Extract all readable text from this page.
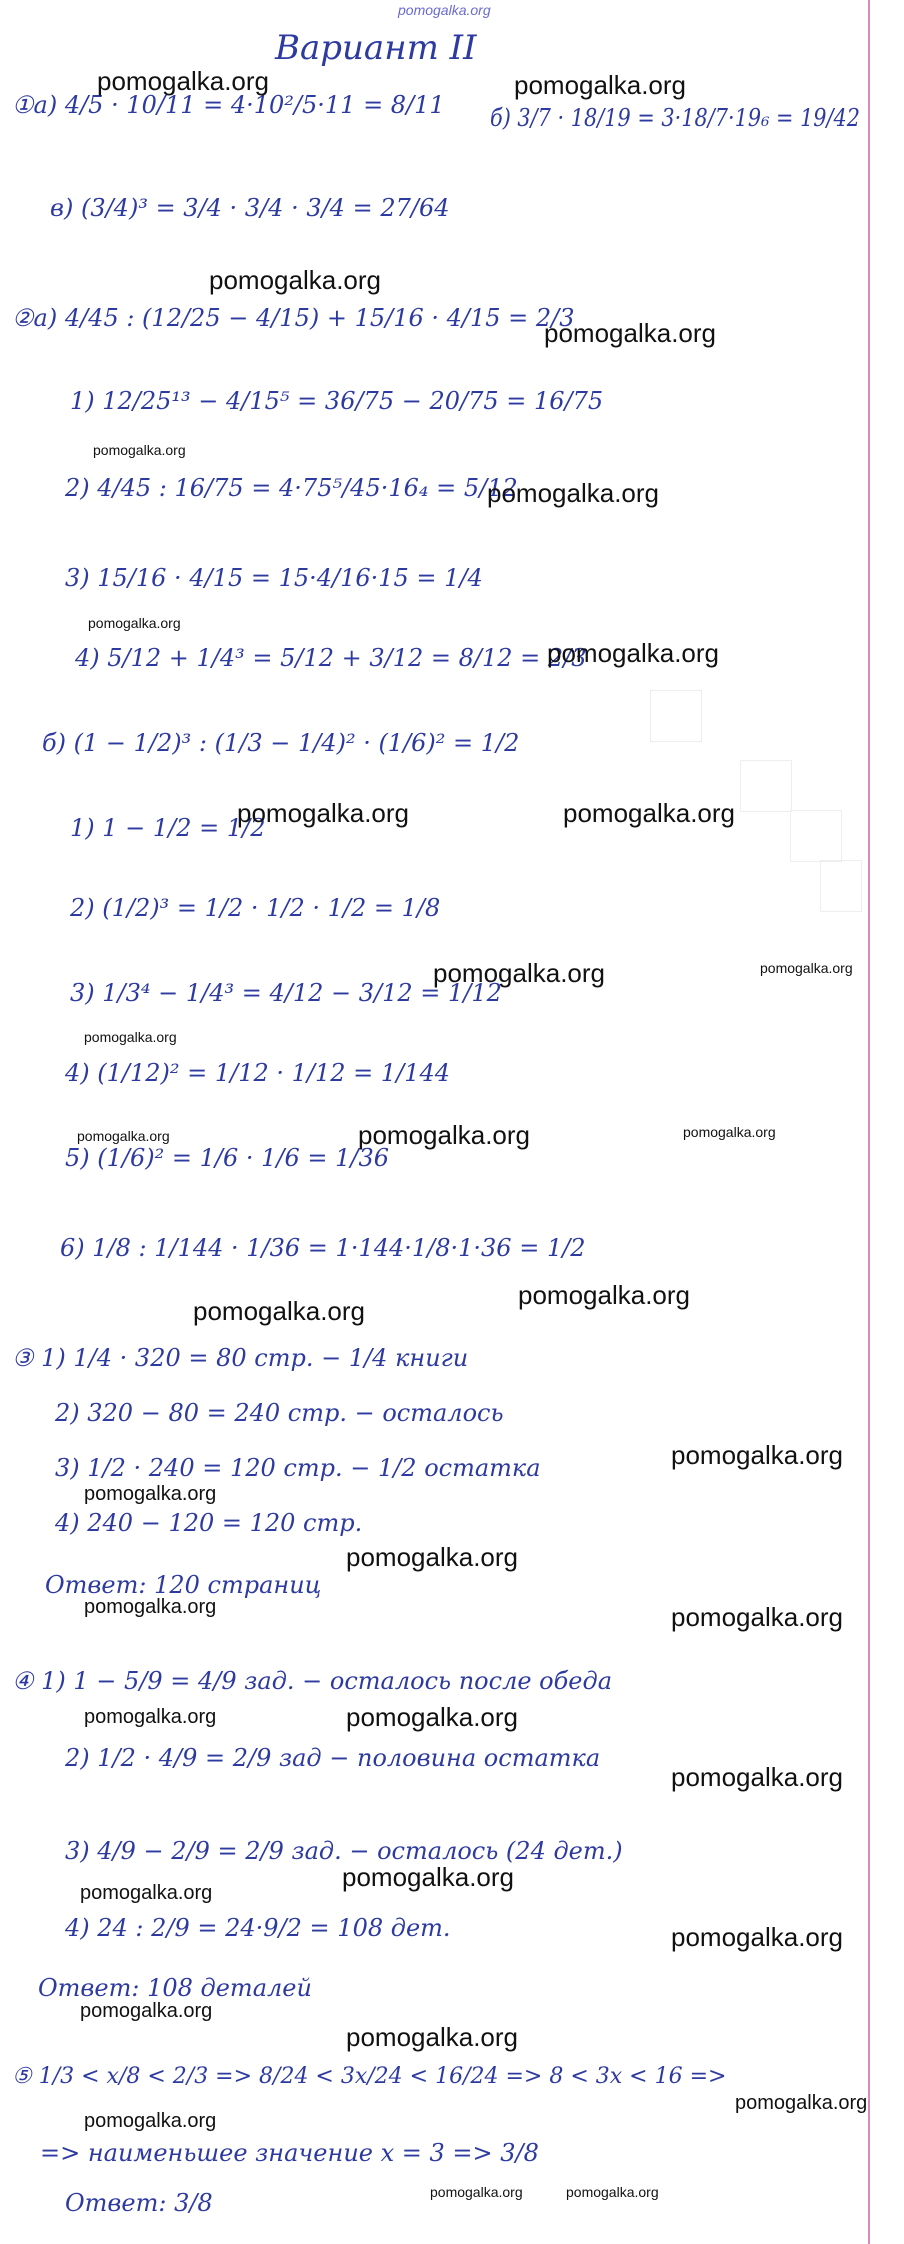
pomogalka.org
Вариант II
①а) 4/5 · 10/11 = 4·10²/5·11 = 8/11 б) 3/7 · 18/19 = 3·18/7·19₆ = 19/42
в) (3/4)³ = 3/4 · 3/4 · 3/4 = 27/64
②а) 4/45 : (12/25 − 4/15) + 15/16 · 4/15 = 2/3
1) 12/25¹³ − 4/15⁵ = 36/75 − 20/75 = 16/75
2) 4/45 : 16/75 = 4·75⁵/45·16₄ = 5/12
3) 15/16 · 4/15 = 15·4/16·15 = 1/4
4) 5/12 + 1/4³ = 5/12 + 3/12 = 8/12 = 2/3
б) (1 − 1/2)³ : (1/3 − 1/4)² · (1/6)² = 1/2
1) 1 − 1/2 = 1/2
2) (1/2)³ = 1/2 · 1/2 · 1/2 = 1/8
3) 1/3⁴ − 1/4³ = 4/12 − 3/12 = 1/12
4) (1/12)² = 1/12 · 1/12 = 1/144
5) (1/6)² = 1/6 · 1/6 = 1/36
6) 1/8 : 1/144 · 1/36 = 1·144·1/8·1·36 = 1/2
③ 1) 1/4 · 320 = 80 стр. − 1/4 книги
2) 320 − 80 = 240 стр. − осталось
3) 1/2 · 240 = 120 стр. − 1/2 остатка
4) 240 − 120 = 120 стр.
Ответ: 120 страниц
④ 1) 1 − 5/9 = 4/9 зад. − осталось после обеда
2) 1/2 · 4/9 = 2/9 зад − половина остатка
3) 4/9 − 2/9 = 2/9 зад. − осталось (24 дет.)
4) 24 : 2/9 = 24·9/2 = 108 дет.
Ответ: 108 деталей
⑤ 1/3 < x/8 < 2/3 => 8/24 < 3x/24 < 16/24 => 8 < 3x < 16 =>
=> наименьшее значение x = 3 => 3/8
Ответ: 3/8
pomogalka.org	pomogalka.org
pomogalka.org
pomogalka.org
pomogalka.org
pomogalka.org
pomogalka.org
pomogalka.org
pomogalka.org	pomogalka.org
pomogalka.org	pomogalka.org
pomogalka.org
pomogalka.org	pomogalka.org
pomogalka.org
pomogalka.org
pomogalka.org
pomogalka.org
pomogalka.org
pomogalka.org
pomogalka.org	pomogalka.org
pomogalka.org	pomogalka.org
pomogalka.org
pomogalka.org
pomogalka.org
pomogalka.org
pomogalka.org
pomogalka.org
pomogalka.org
pomogalka.org
pomogalka.org	pomogalka.org
